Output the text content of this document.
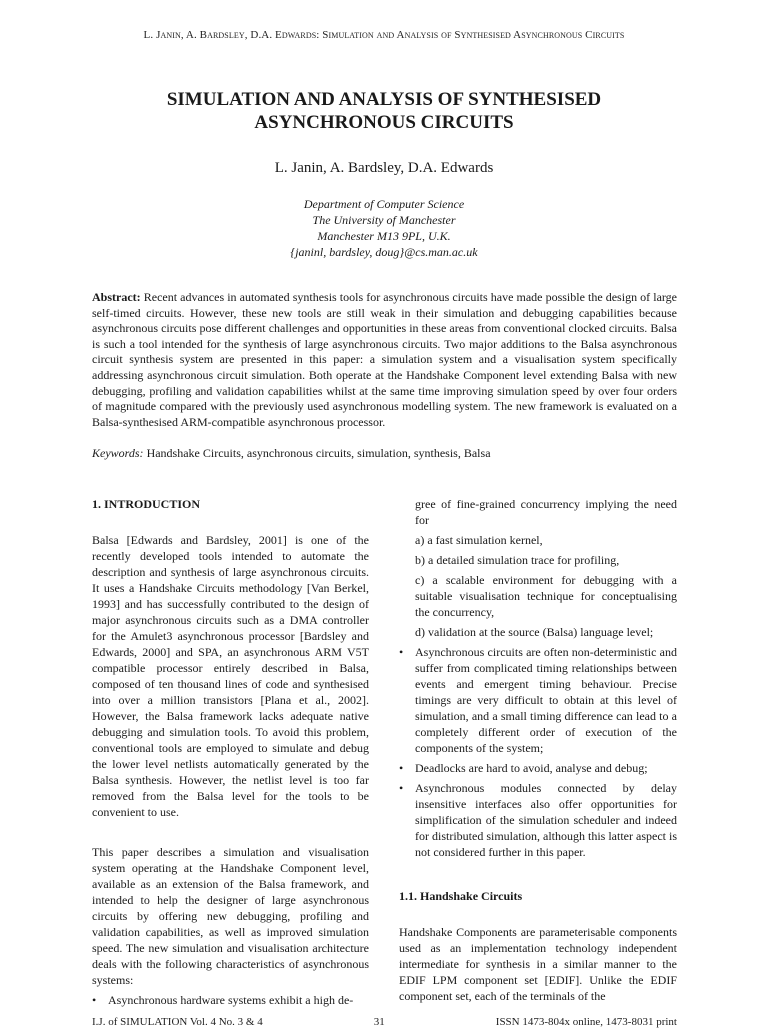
L. Janin, A. Bardsley, D.A. Edwards: Simulation and Analysis of Synthesised Asynchronous Circuits
SIMULATION AND ANALYSIS OF SYNTHESISED
ASYNCHRONOUS CIRCUITS
L. Janin, A. Bardsley, D.A. Edwards
Department of Computer Science
The University of Manchester
Manchester M13 9PL, U.K.
{janinl, bardsley, doug}@cs.man.ac.uk

Abstract: Recent advances in automated synthesis tools for asynchronous circuits have made possible the design of large self-timed circuits. However, these new tools are still weak in their simulation and debugging capabilities because asynchronous circuits pose different challenges and opportunities in these areas from conventional clocked circuits. Balsa is such a tool intended for the synthesis of large asynchronous circuits. Two major additions to the Balsa asynchronous circuit synthesis system are presented in this paper: a simulation system and a visualisation system specifically addressing asynchronous circuit simulation. Both operate at the Handshake Component level extending Balsa with new debugging, profiling and validation capabilities whilst at the same time improving simulation speed by over four orders of magnitude compared with the previously used asynchronous modelling system. The new framework is evaluated on a Balsa-synthesised ARM-compatible asynchronous processor.

Keywords: Handshake Circuits, asynchronous circuits, simulation, synthesis, Balsa

1. INTRODUCTION

Balsa [Edwards and Bardsley, 2001] is one of the recently developed tools intended to automate the description and synthesis of large asynchronous circuits. It uses a Handshake Circuits methodology [Van Berkel, 1993] and has successfully contributed to the design of major asynchronous circuits such as a DMA controller for the Amulet3 asynchronous processor [Bardsley and Edwards, 2000] and SPA, an asynchronous ARM V5T compatible processor entirely described in Balsa, composed of ten thousand lines of code and synthesised into over a million transistors [Plana et al., 2002]. However, the Balsa framework lacks adequate native debugging and simulation tools. To avoid this problem, conventional tools are employed to simulate and debug the lower level netlists automatically generated by the Balsa synthesis. However, the netlist level is too far removed from the Balsa level for the tools to be convenient to use.

This paper describes a simulation and visualisation system operating at the Handshake Component level, available as an extension of the Balsa framework, and intended to help the designer of large asynchronous circuits by offering new debugging, profiling and validation capabilities, as well as improved simulation speed. The new simulation and visualisation architecture deals with the following characteristics of asynchronous systems:

• Asynchronous hardware systems exhibit a high de-

gree of fine-grained concurrency implying the need for

a) a fast simulation kernel,

b) a detailed simulation trace for profiling,

c) a scalable environment for debugging with a suitable visualisation technique for conceptualising the concurrency,

d) validation at the source (Balsa) language level;

• Asynchronous circuits are often non-deterministic and suffer from complicated timing relationships between events and emergent timing behaviour. Precise timings are very difficult to obtain at this level of simulation, and a small timing difference can lead to a completely different order of execution of the components of the system;

• Deadlocks are hard to avoid, analyse and debug;

• Asynchronous modules connected by delay insensitive interfaces also offer opportunities for simplification of the simulation scheduler and indeed for distributed simulation, although this latter aspect is not considered further in this paper.

1.1. Handshake Circuits

Handshake Components are parameterisable components used as an implementation technology independent intermediate for synthesis in a similar manner to the EDIF LPM component set [EDIF]. Unlike the EDIF component set, each of the terminals of the

I.J. of SIMULATION Vol. 4 No. 3 & 4	31	ISSN 1473-804x online, 1473-8031 print
